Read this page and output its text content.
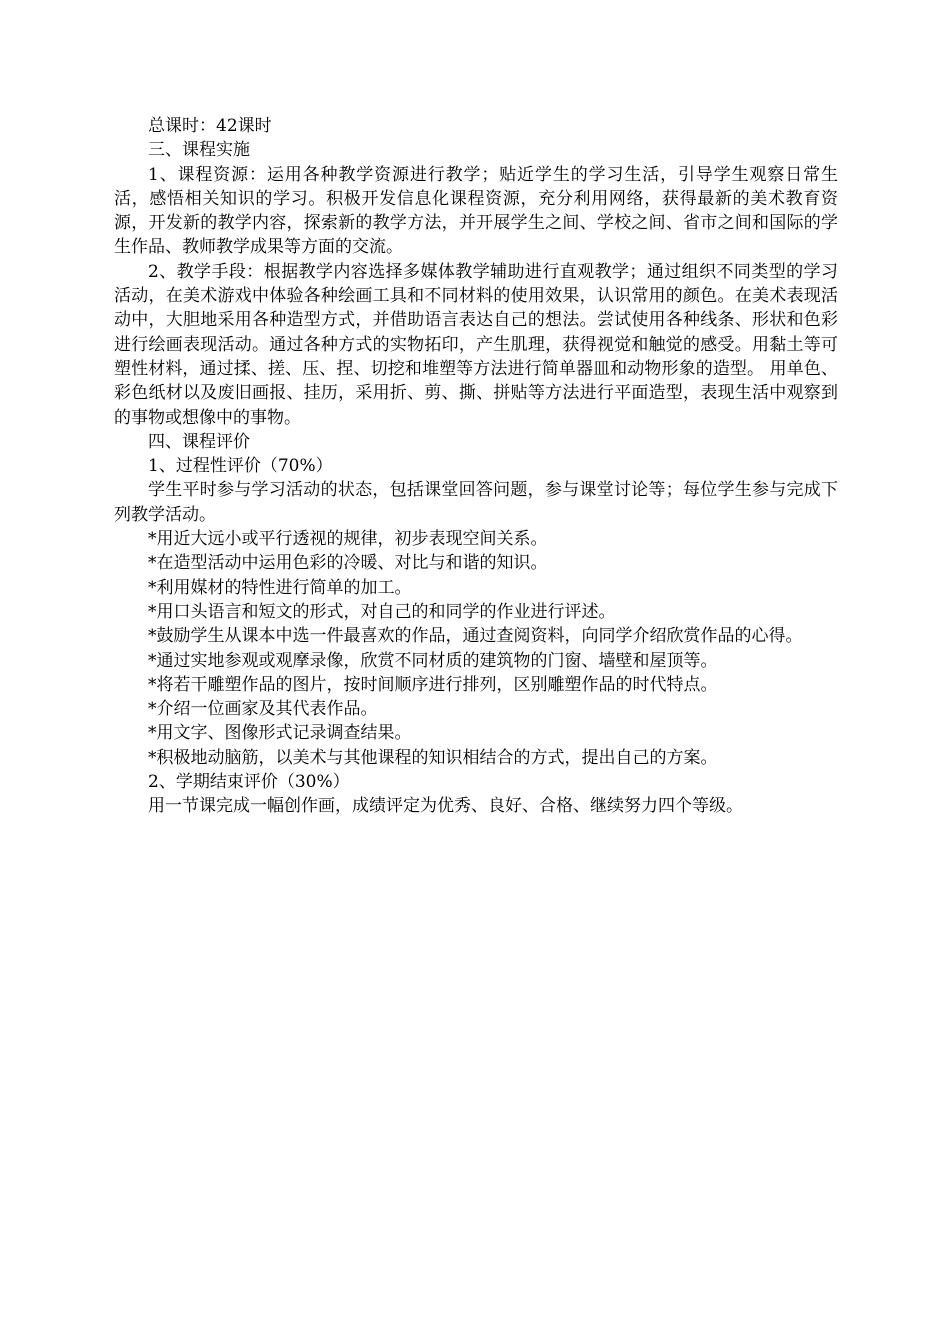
总课时：42课时

三、课程实施

1、课程资源：运用各种教学资源进行教学；贴近学生的学习生活，引导学生观察日常生活，感悟相关知识的学习。积极开发信息化课程资源，充分利用网络，获得最新的美术教育资源，开发新的教学内容，探索新的教学方法，并开展学生之间、学校之间、省市之间和国际的学生作品、教师教学成果等方面的交流。

2、教学手段：根据教学内容选择多媒体教学辅助进行直观教学；通过组织不同类型的学习活动，在美术游戏中体验各种绘画工具和不同材料的使用效果，认识常用的颜色。在美术表现活动中，大胆地采用各种造型方式，并借助语言表达自己的想法。尝试使用各种线条、形状和色彩进行绘画表现活动。通过各种方式的实物拓印，产生肌理，获得视觉和触觉的感受。用黏土等可塑性材料，通过揉、搓、压、捏、切挖和堆塑等方法进行简单器皿和动物形象的造型。 用单色、彩色纸材以及废旧画报、挂历，采用折、剪、撕、拼贴等方法进行平面造型，表现生活中观察到的事物或想像中的事物。

四、课程评价

1、过程性评价（70%）

学生平时参与学习活动的状态，包括课堂回答问题，参与课堂讨论等；每位学生参与完成下列教学活动。

*用近大远小或平行透视的规律，初步表现空间关系。

*在造型活动中运用色彩的冷暖、对比与和谐的知识。

*利用媒材的特性进行简单的加工。

*用口头语言和短文的形式，对自己的和同学的作业进行评述。

*鼓励学生从课本中选一件最喜欢的作品，通过查阅资料，向同学介绍欣赏作品的心得。

*通过实地参观或观摩录像，欣赏不同材质的建筑物的门窗、墙壁和屋顶等。

*将若干雕塑作品的图片，按时间顺序进行排列，区别雕塑作品的时代特点。

*介绍一位画家及其代表作品。

*用文字、图像形式记录调查结果。

*积极地动脑筋，以美术与其他课程的知识相结合的方式，提出自己的方案。

2、学期结束评价（30%）

用一节课完成一幅创作画，成绩评定为优秀、良好、合格、继续努力四个等级。
